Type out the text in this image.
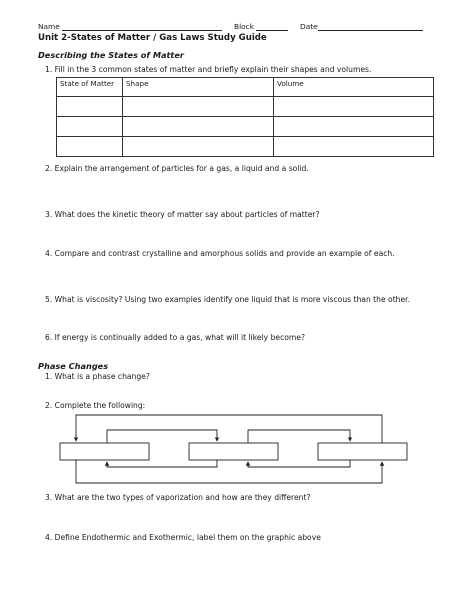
Name	Block	Date
Unit 2-States of Matter / Gas Laws Study Guide
Describing the States of Matter
1. Fill in the 3 common states of matter and briefly explain their shapes and volumes.
State of Matter	Shape	Volume

2. Explain the arrangement of particles for a gas, a liquid and a solid.
3. What does the kinetic theory of matter say about particles of matter?
4. Compare and contrast crystalline and amorphous solids and provide an example of each.
5. What is viscosity? Using two examples identify one liquid that is more viscous than the other.
6. If energy is continually added to a gas, what will it likely become?
Phase Changes
1. What is a phase change?
2. Complete the following:
3. What are the two types of vaporization and how are they different?
4. Define Endothermic and Exothermic, label them on the graphic above
